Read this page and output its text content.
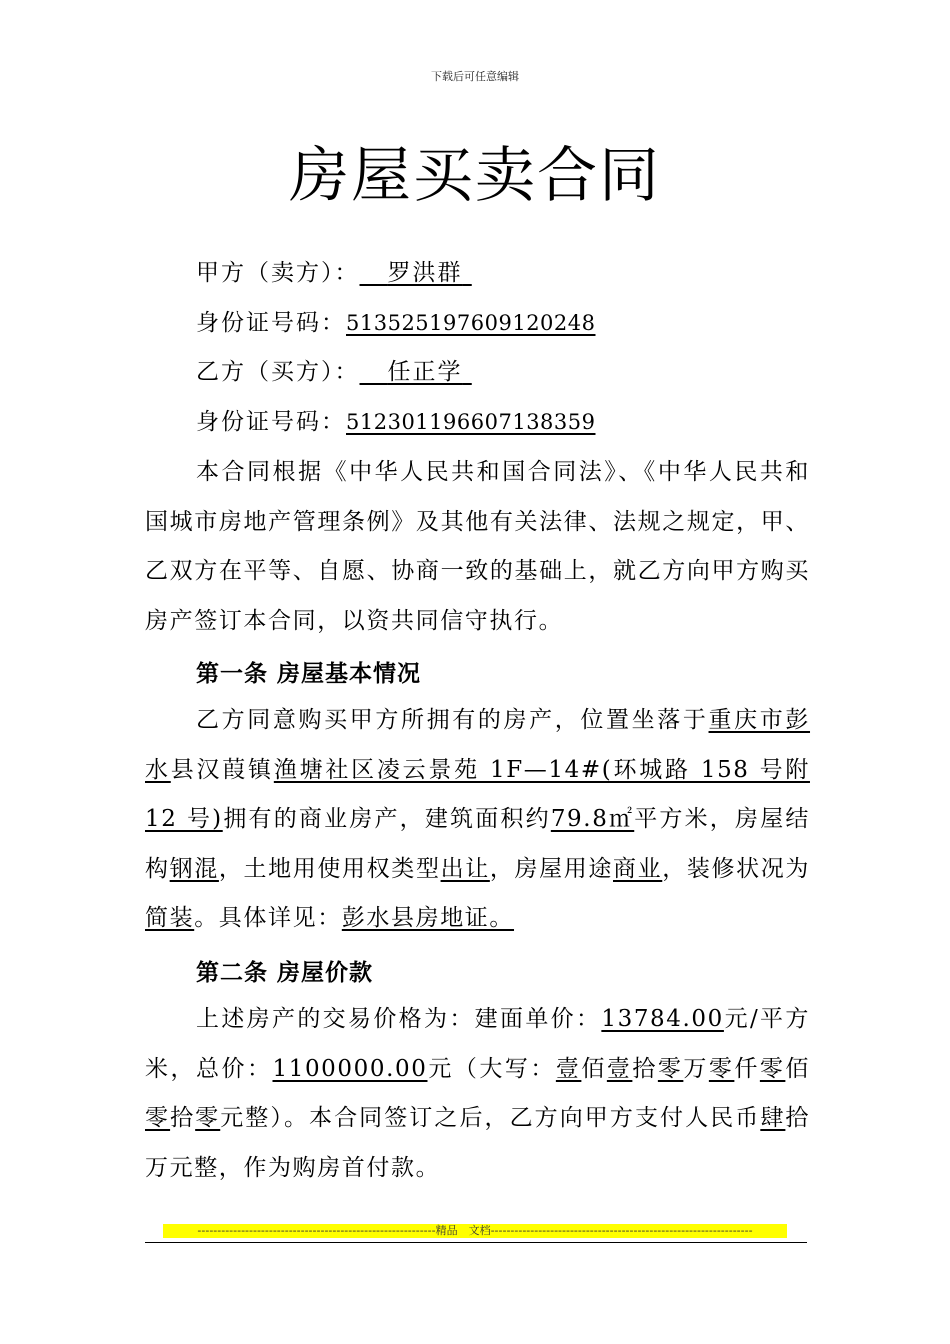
下载后可任意编辑
房屋买卖合同
甲方（卖方）： 罗洪群
身份证号码：513525197609120248
乙方（买方）： 任正学
身份证号码：512301196607138359

本合同根据《中华人民共和国合同法》、《中华人民共和国城市房地产管理条例》及其他有关法律、法规之规定，甲、乙双方在平等、自愿、协商一致的基础上，就乙方向甲方购买房产签订本合同，以资共同信守执行。

第一条 房屋基本情况

乙方同意购买甲方所拥有的房产，位置坐落于重庆市彭水县汉葭镇渔塘社区凌云景苑 1F—14#(环城路 158 号附 12 号)拥有的商业房产，建筑面积约79.8㎡平方米，房屋结构钢混，土地用使用权类型出让，房屋用途商业，装修状况为简装。具体详见：彭水县房地证。

第二条 房屋价款

上述房产的交易价格为：建面单价：13784.00元/平方米，总价：1100000.00元（大写：壹佰壹拾零万零仟零佰零拾零元整）。本合同签订之后，乙方向甲方支付人民币肆拾万元整，作为购房首付款。

------------------------------------------------------------精品　文档------------------------------------------------------------------
